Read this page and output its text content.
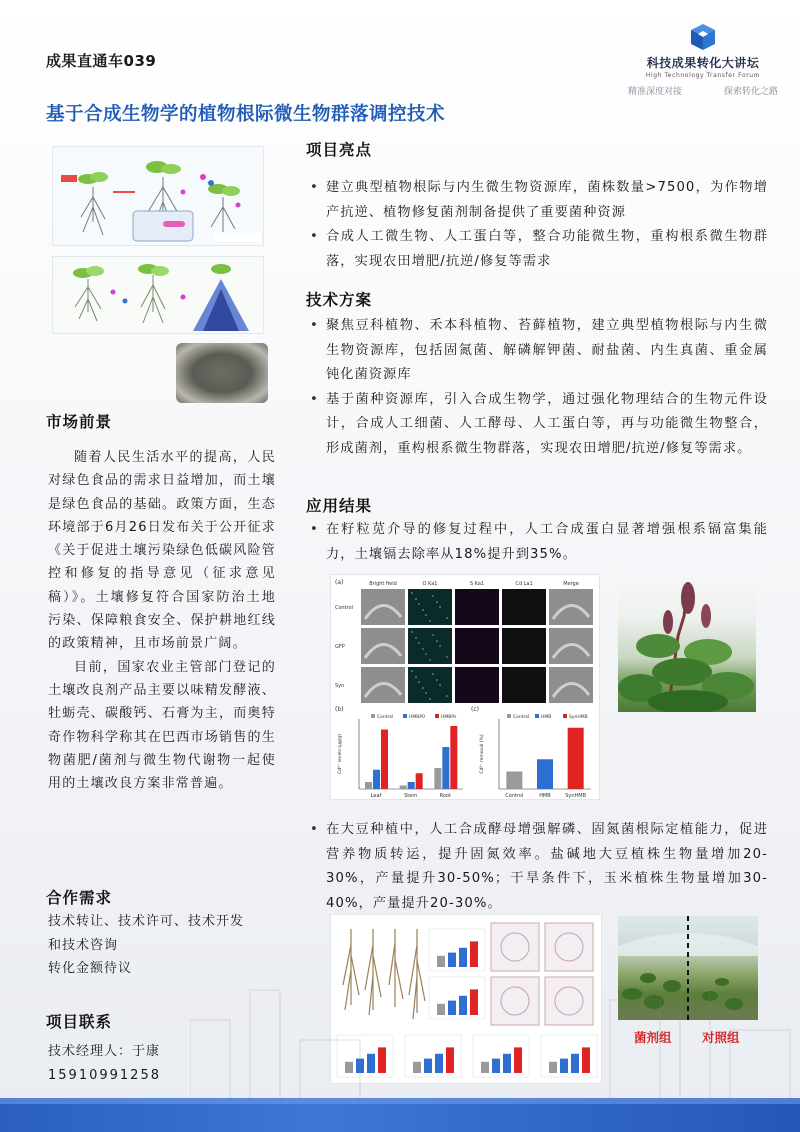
成果直通车039	科技成果转化大讲坛
High Technology Transfer Forum
精准深度对接	探索转化之路
基于合成生物学的植物根际微生物群落调控技术
市场前景

随着人民生活水平的提高，人民对绿色食品的需求日益增加，而土壤是绿色食品的基础。政策方面，生态环境部于6月26日发布关于公开征求《关于促进土壤污染绿色低碳风险管控和修复的指导意见（征求意见稿）》。土壤修复符合国家防治土地污染、保障粮食安全、保护耕地红线的政策精神，且市场前景广阔。

目前，国家农业主管部门登记的土壤改良剂产品主要以味精发酵液、牡蛎壳、碳酸钙、石膏为主，而奥特奇作物科学称其在巴西市场销售的生物菌肥/菌剂与微生物代谢物一起使用的土壤改良方案非常普遍。

合作需求
技术转让、技术许可、技术开发
和技术咨询
转化金额待议
项目联系
技术经理人：于康
15910991258
项目亮点
• 建立典型植物根际与内生微生物资源库，菌株数量>7500，为作物增产抗逆、植物修复菌剂制备提供了重要菌种资源
• 合成人工微生物、人工蛋白等，整合功能微生物，重构根系微生物群落，实现农田增肥/抗逆/修复等需求
技术方案
• 聚焦豆科植物、禾本科植物、苔藓植物，建立典型植物根际与内生微生物资源库，包括固氮菌、解磷解钾菌、耐盐菌、内生真菌、重金属钝化菌资源库
• 基于菌种资源库，引入合成生物学，通过强化物理结合的生物元件设计，合成人工细菌、人工酵母、人工蛋白等，再与功能微生物整合，形成菌剂，重构根系微生物群落，实现农田增肥/抗逆/修复等需求。
应用结果
• 在籽粒苋介导的修复过程中，人工合成蛋白显著增强根系镉富集能力，土壤镉去除率从18%提升到35%。
(a)	Bright field	O Ka1	S Ka1	Cd La1	Merge
Control
GFP
Syn
(b)	(c)
Cd²⁺ levels (μg/g)
Leaf	Stem	Root
Control	HMBP0	HMBPs
Cd²⁺ removal (%)
Control	HMB	SynHMB
Control	HMB	SynHMB
• 在大豆种植中，人工合成酵母增强解磷、固氮菌根际定植能力，促进营养物质转运，提升固氮效率。盐碱地大豆植株生物量增加20-30%，产量提升30-50%；干旱条件下，玉米植株生物量增加30-40%，产量提升20-30%。
菌剂组 对照组
